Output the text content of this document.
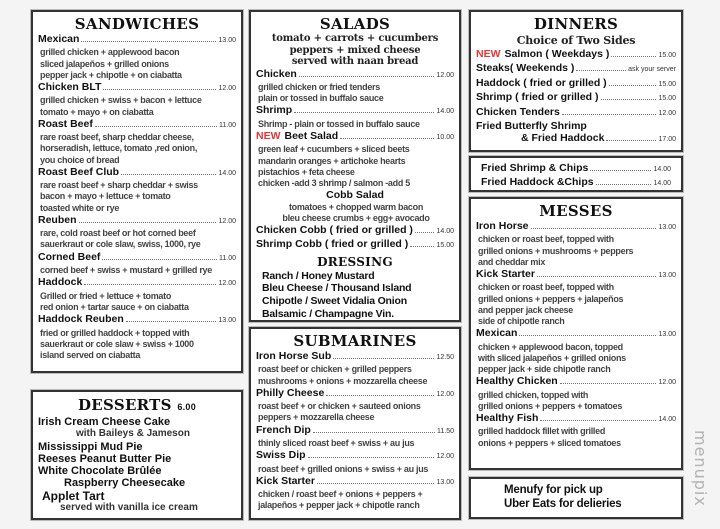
SANDWICHES
Mexican	13.00
grilled chicken + applewood bacon
sliced jalapeños + grilled onions
pepper jack + chipotle + on ciabatta
Chicken BLT	12.00
grilled chicken + swiss + bacon + lettuce
tomato + mayo + on ciabatta
Roast Beef	11.00
rare roast beef, sharp cheddar cheese,
horseradish, lettuce, tomato ,red onion,
you choice of bread
Roast Beef Club	14.00
rare roast beef + sharp cheddar + swiss
bacon + mayo + lettuce + tomato
toasted white or rye
Reuben	12.00
rare, cold roast beef or hot corned beef
sauerkraut or cole slaw, swiss, 1000, rye
Corned Beef	11.00
corned beef + swiss + mustard + grilled rye
Haddock	12.00
Grilled or fried + lettuce + tomato
red onion + tartar sauce + on ciabatta
Haddock Reuben	13.00
fried or grilled haddock + topped with
sauerkraut or cole slaw + swiss + 1000
island served on ciabatta
DESSERTS 6.00
Irish Cream Cheese Cake
with Baileys & Jameson
Mississippi Mud Pie
Reeses Peanut Butter Pie
White Chocolate Brûlée
Raspberry Cheesecake
Applet Tart
served with vanilla ice cream
SALADS
tomato + carrots + cucumbers
peppers + mixed cheese
served with naan bread
Chicken	12.00
grilled chicken or fried tenders
plain or tossed in buffalo sauce
Shrimp	14.00
Shrimp - plain or tossed in buffalo sauce
NEW Beet Salad	10.00
green leaf + cucumbers + sliced beets
mandarin oranges + artichoke hearts
pistachios + feta cheese
chicken -add 3 shrimp / salmon -add 5
Cobb Salad
tomatoes + chopped warm bacon
bleu cheese crumbs + egg+ avocado
Chicken Cobb ( fried or grilled )	14.00
Shrimp Cobb ( fried or grilled )	15.00
DRESSING
Ranch / Honey Mustard
Bleu Cheese / Thousand Island
Chipotle / Sweet Vidalia Onion
Balsamic / Champagne Vin.
SUBMARINES
Iron Horse Sub	12.50
roast beef or chicken + grilled peppers
mushrooms + onions + mozzarella cheese
Philly Cheese	12.00
roast beef + or chicken + sauteed onions
peppers + mozzarella cheese
French Dip	11.50
thinly sliced roast beef + swiss + au jus
Swiss Dip	12.00
roast beef + grilled onions + swiss + au jus
Kick Starter	13.00
chicken / roast beef + onions + peppers +
jalapeños + pepper jack + chipotle ranch
DINNERS
Choice of Two Sides
NEW Salmon ( Weekdays )	15.00
Steaks( Weekends )	ask your server
Haddock ( fried or grilled )	15.00
Shrimp ( fried or grilled )	15.00
Chicken Tenders	12.00
Fried Butterfly Shrimp
& Fried Haddock	17.00
Fried Shrimp & Chips	14.00
Fried Haddock &Chips	14.00
MESSES
Iron Horse	13.00
chicken or roast beef, topped with
grilled onions + mushrooms + peppers
and cheddar mix
Kick Starter	13.00
chicken or roast beef, topped with
grilled onions + peppers + jalapeños
and pepper jack cheese
side of chipotle ranch
Mexican	13.00
chicken + applewood bacon, topped
with sliced jalapeños + grilled onions
pepper jack + side chipotle ranch
Healthy Chicken	12.00
grilled chicken, topped with
grilled onions + peppers + tomatoes
Healthy Fish	14.00
grilled haddock fillet with grilled
onions + peppers + sliced tomatoes
Menufy for pick up
Uber Eats for delieries	menupix
